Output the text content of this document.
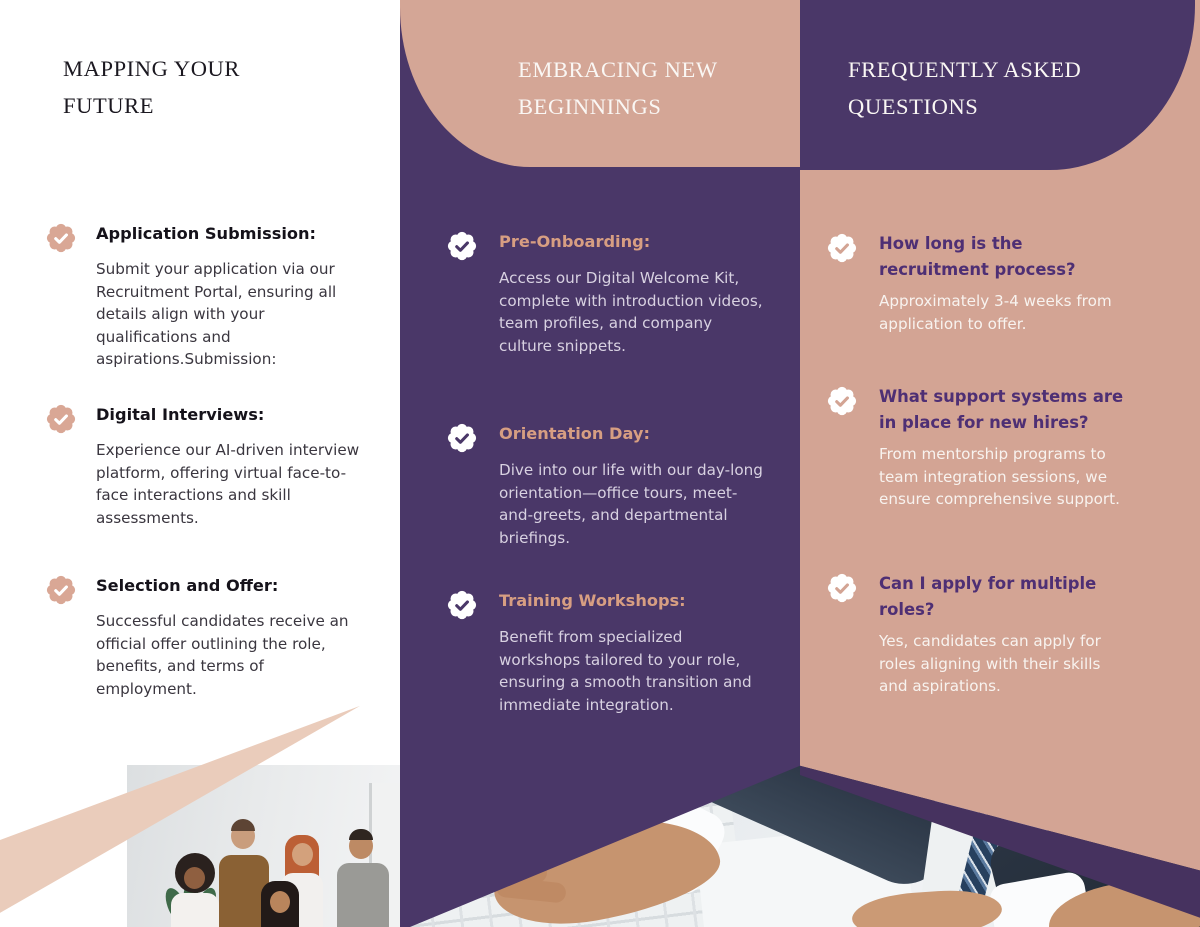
MAPPING YOUR FUTURE
Application Submission:
Submit your application via our Recruitment Portal, ensuring all details align with your qualifications and aspirations.Submission:
Digital Interviews:
Experience our AI-driven interview platform, offering virtual face-to-face interactions and skill assessments.
Selection and Offer:
Successful candidates receive an official offer outlining the role, benefits, and terms of employment.
EMBRACING NEW BEGINNINGS
Pre-Onboarding:
Access our Digital Welcome Kit, complete with introduction videos, team profiles, and company culture snippets.
Orientation Day:
Dive into our life with our day-long orientation—office tours, meet-and-greets, and departmental briefings.
Training Workshops:
Benefit from specialized workshops tailored to your role, ensuring a smooth transition and immediate integration.
FREQUENTLY ASKED QUESTIONS
How long is the recruitment process?
Approximately 3-4 weeks from application to offer.
What support systems are in place for new hires?
From mentorship programs to team integration sessions, we ensure comprehensive support.
Can I apply for multiple roles?
Yes, candidates can apply for roles aligning with their skills and aspirations.
